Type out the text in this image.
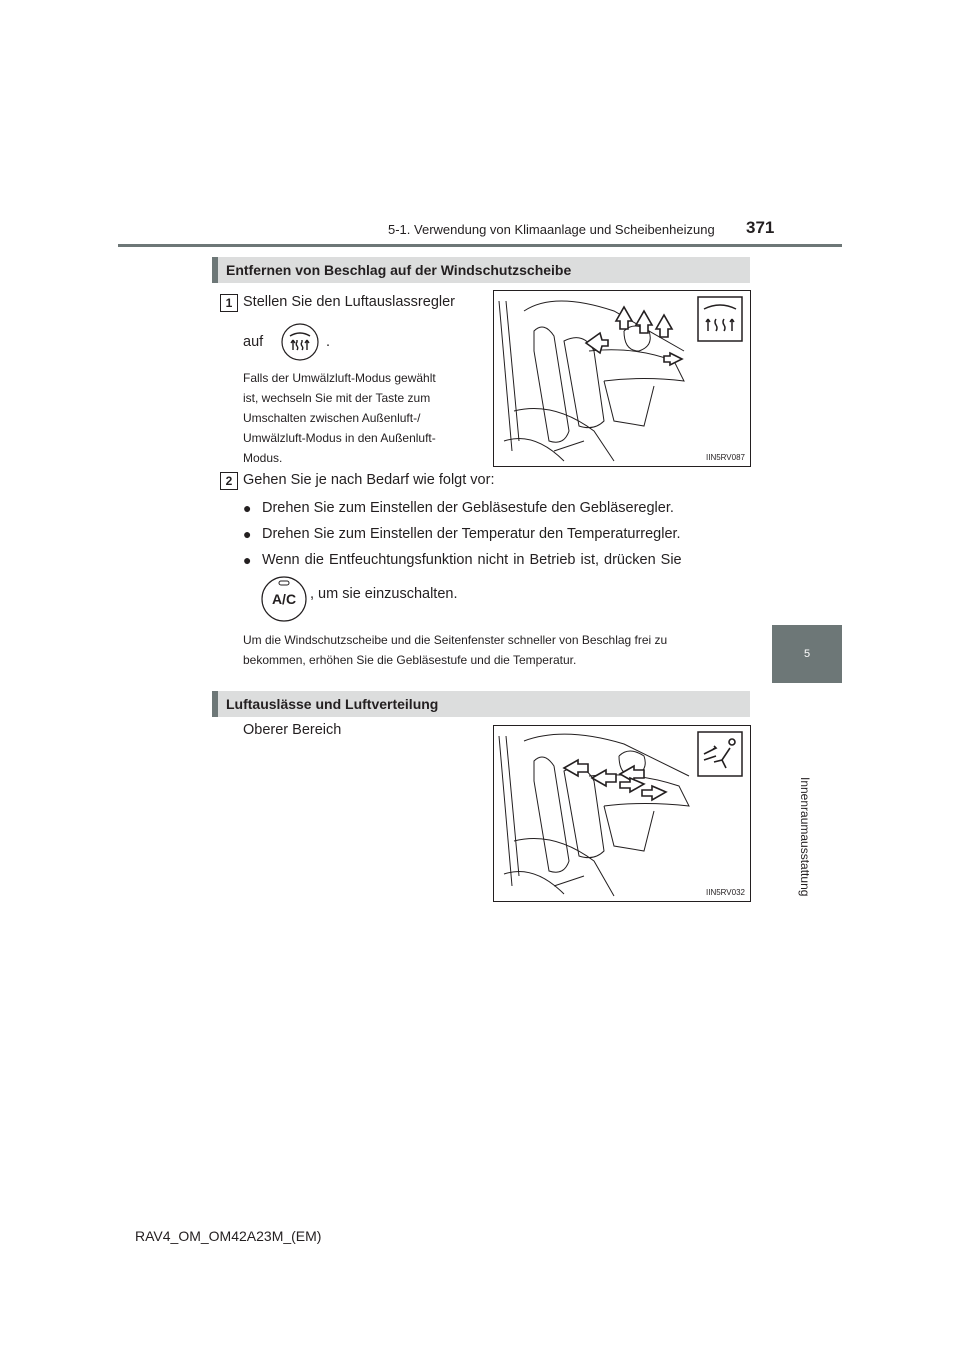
5-1. Verwendung von Klimaanlage und Scheibenheizung 371
5
Innenraumausstattung
Entfernen von Beschlag auf der Windschutzscheibe
1 Stellen Sie den Luftauslassregler
auf	.
Falls der Umwälzluft-Modus gewählt
ist, wechseln Sie mit der Taste zum
Umschalten zwischen Außenluft-/
Umwälzluft-Modus in den Außenluft-
Modus.	IIN5RV087
2 Gehen Sie je nach Bedarf wie folgt vor:
● Drehen Sie zum Einstellen der Gebläsestufe den Gebläseregler.
● Drehen Sie zum Einstellen der Temperatur den Temperaturregler.
● Wenn die Entfeuchtungsfunktion nicht in Betrieb ist, drücken Sie
A/C , um sie einzuschalten.
Um die Windschutzscheibe und die Seitenfenster schneller von Beschlag frei zu
bekommen, erhöhen Sie die Gebläsestufe und die Temperatur.
Luftauslässe und Luftverteilung
Oberer Bereich
IIN5RV032
RAV4_OM_OM42A23M_(EM)
